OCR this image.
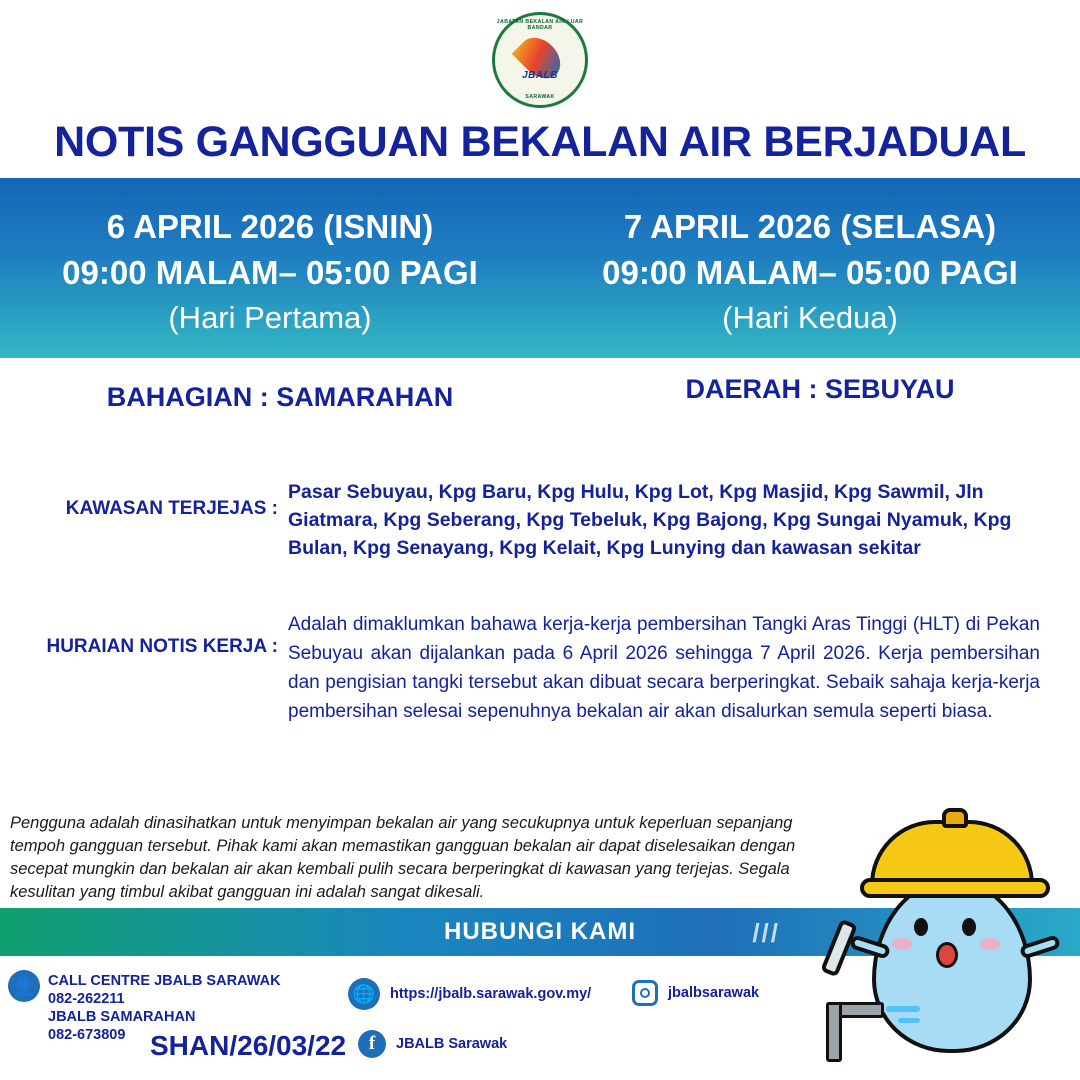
JABATAN BEKALAN AIR LUAR BANDAR
JBALB
SARAWAK
NOTIS GANGGUAN BEKALAN AIR BERJADUAL
6 APRIL 2026 (ISNIN)
09:00 MALAM– 05:00 PAGI
(Hari Pertama)
7 APRIL 2026 (SELASA)
09:00 MALAM– 05:00 PAGI
(Hari Kedua)
BAHAGIAN : SAMARAHAN	DAERAH : SEBUYAU
KAWASAN TERJEJAS :
Pasar Sebuyau, Kpg Baru, Kpg Hulu, Kpg Lot, Kpg Masjid, Kpg Sawmil, Jln Giatmara, Kpg Seberang, Kpg Tebeluk, Kpg Bajong, Kpg Sungai Nyamuk, Kpg Bulan, Kpg Senayang, Kpg Kelait, Kpg Lunying dan kawasan sekitar
HURAIAN NOTIS KERJA :
Adalah dimaklumkan bahawa kerja-kerja pembersihan Tangki Aras Tinggi (HLT) di Pekan Sebuyau akan dijalankan pada 6 April 2026 sehingga 7 April 2026. Kerja pembersihan dan pengisian tangki tersebut akan dibuat secara berperingkat. Sebaik sahaja kerja-kerja pembersihan selesai sepenuhnya bekalan air akan disalurkan semula seperti biasa.
Pengguna adalah dinasihatkan untuk menyimpan bekalan air yang secukupnya untuk keperluan sepanjang tempoh gangguan tersebut. Pihak kami akan memastikan gangguan bekalan air dapat diselesaikan dengan secepat mungkin dan bekalan air akan kembali pulih secara berperingkat di kawasan yang terjejas. Segala kesulitan yang timbul akibat gangguan ini adalah sangat dikesali.
HUBUNGI KAMI	///
👤 CALL CENTRE JBALB SARAWAK
082-262211
JBALB SAMARAHAN
082-673809
🌐	https://jbalb.sarawak.gov.my/	jbalbsarawak
f	JBALB Sarawak
SHAN/26/03/22
